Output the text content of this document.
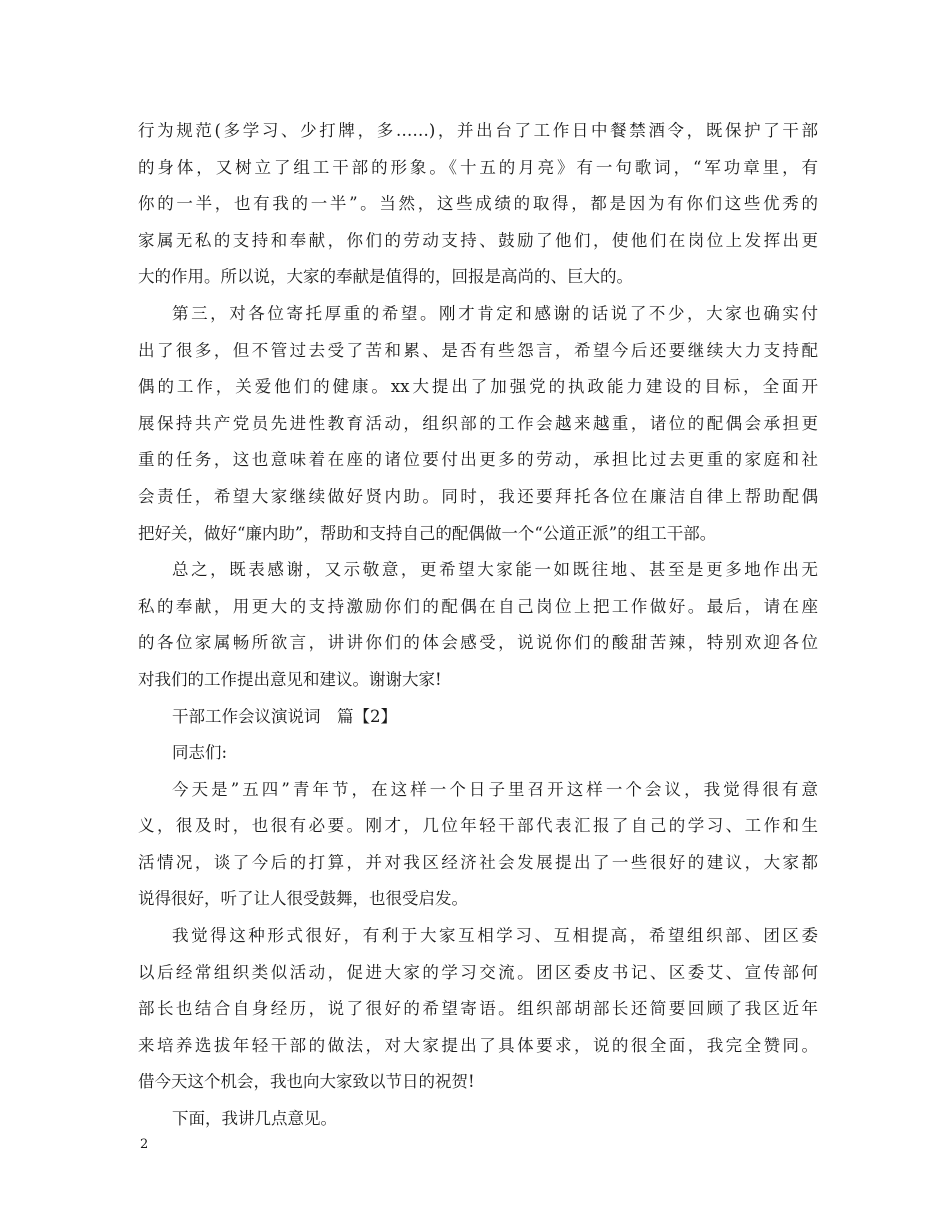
行为规范(多学习、少打牌，多……)，并出台了工作日中餐禁酒令，既保护了干部
的身体，又树立了组工干部的形象。《十五的月亮》有一句歌词，“军功章里，有
你的一半，也有我的一半”。当然，这些成绩的取得，都是因为有你们这些优秀的
家属无私的支持和奉献，你们的劳动支持、鼓励了他们，使他们在岗位上发挥出更
大的作用。所以说，大家的奉献是值得的，回报是高尚的、巨大的。
第三，对各位寄托厚重的希望。刚才肯定和感谢的话说了不少，大家也确实付
出了很多，但不管过去受了苦和累、是否有些怨言，希望今后还要继续大力支持配
偶的工作，关爱他们的健康。xx大提出了加强党的执政能力建设的目标，全面开
展保持共产党员先进性教育活动，组织部的工作会越来越重，诸位的配偶会承担更
重的任务，这也意味着在座的诸位要付出更多的劳动，承担比过去更重的家庭和社
会责任，希望大家继续做好贤内助。同时，我还要拜托各位在廉洁自律上帮助配偶
把好关，做好“廉内助”，帮助和支持自己的配偶做一个“公道正派”的组工干部。
总之，既表感谢，又示敬意，更希望大家能一如既往地、甚至是更多地作出无
私的奉献，用更大的支持激励你们的配偶在自己岗位上把工作做好。最后，请在座
的各位家属畅所欲言，讲讲你们的体会感受，说说你们的酸甜苦辣，特别欢迎各位
对我们的工作提出意见和建议。谢谢大家!
干部工作会议演说词　篇【2】
同志们:
今天是”五四”青年节，在这样一个日子里召开这样一个会议，我觉得很有意
义，很及时，也很有必要。刚才，几位年轻干部代表汇报了自己的学习、工作和生
活情况，谈了今后的打算，并对我区经济社会发展提出了一些很好的建议，大家都
说得很好，听了让人很受鼓舞，也很受启发。
我觉得这种形式很好，有利于大家互相学习、互相提高，希望组织部、团区委
以后经常组织类似活动，促进大家的学习交流。团区委皮书记、区委艾、宣传部何
部长也结合自身经历，说了很好的希望寄语。组织部胡部长还简要回顾了我区近年
来培养选拔年轻干部的做法，对大家提出了具体要求，说的很全面，我完全赞同。
借今天这个机会，我也向大家致以节日的祝贺!
下面，我讲几点意见。
2
